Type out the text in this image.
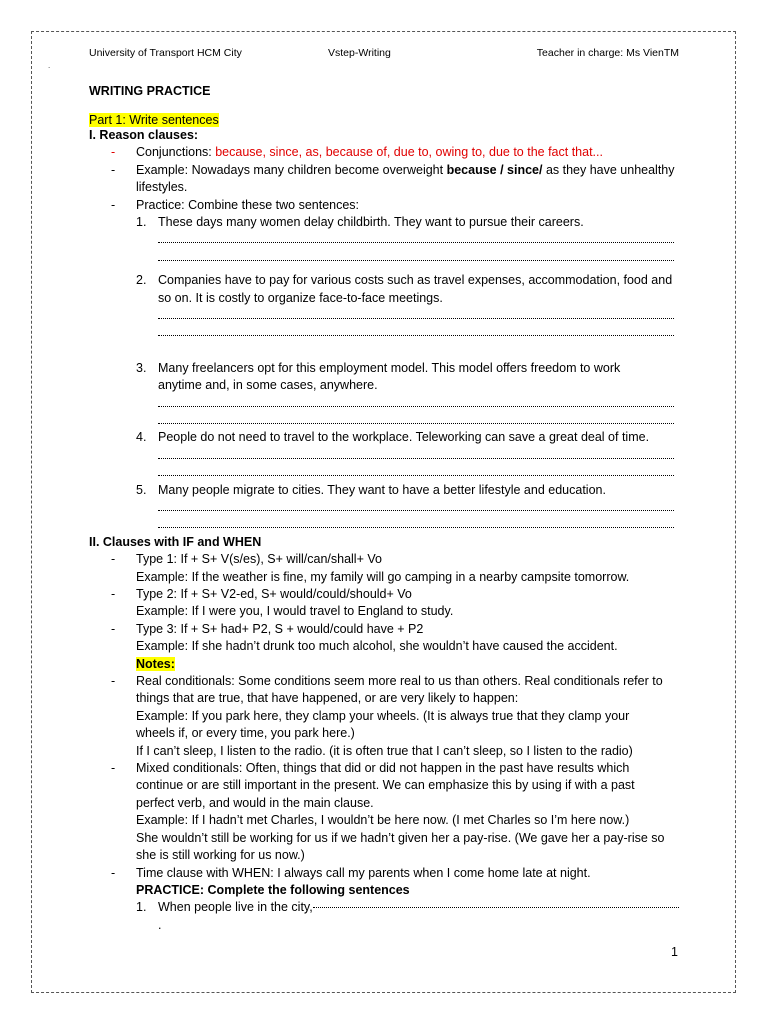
.
University of Transport HCM City	Vstep-Writing	Teacher in charge: Ms VienTM
WRITING PRACTICE
Part 1: Write sentences
I. Reason clauses:
- Conjunctions: because, since, as, because of, due to, owing to, due to the fact that...
- Example: Nowadays many children become overweight because / since/ as they have unhealthy
lifestyles.
- Practice: Combine these two sentences:
1. These days many women delay childbirth. They want to pursue their careers.
2. Companies have to pay for various costs such as travel expenses, accommodation, food and
so on. It is costly to organize face-to-face meetings.
3. Many freelancers opt for this employment model. This model offers freedom to work
anytime and, in some cases, anywhere.
4. People do not need to travel to the workplace. Teleworking can save a great deal of time.
5. Many people migrate to cities. They want to have a better lifestyle and education.
II. Clauses with IF and WHEN
- Type 1: If + S+ V(s/es), S+ will/can/shall+ Vo
Example: If the weather is fine, my family will go camping in a nearby campsite tomorrow.
- Type 2: If + S+ V2-ed, S+ would/could/should+ Vo
Example: If I were you, I would travel to England to study.
- Type 3: If + S+ had+ P2, S + would/could have + P2
Example: If she hadn’t drunk too much alcohol, she wouldn’t have caused the accident.
Notes:
- Real conditionals: Some conditions seem more real to us than others. Real conditionals refer to
things that are true, that have happened, or are very likely to happen:
Example: If you park here, they clamp your wheels. (It is always true that they clamp your
wheels if, or every time, you park here.)
If I can’t sleep, I listen to the radio. (it is often true that I can’t sleep, so I listen to the radio)
- Mixed conditionals: Often, things that did or did not happen in the past have results which
continue or are still important in the present. We can emphasize this by using if with a past
perfect verb, and would in the main clause.
Example: If I hadn’t met Charles, I wouldn’t be here now. (I met Charles so I’m here now.)
She wouldn’t still be working for us if we hadn’t given her a pay-rise. (We gave her a pay-rise so
she is still working for us now.)
- Time clause with WHEN: I always call my parents when I come home late at night.
PRACTICE: Complete the following sentences
1. When people live in the city,.
1
